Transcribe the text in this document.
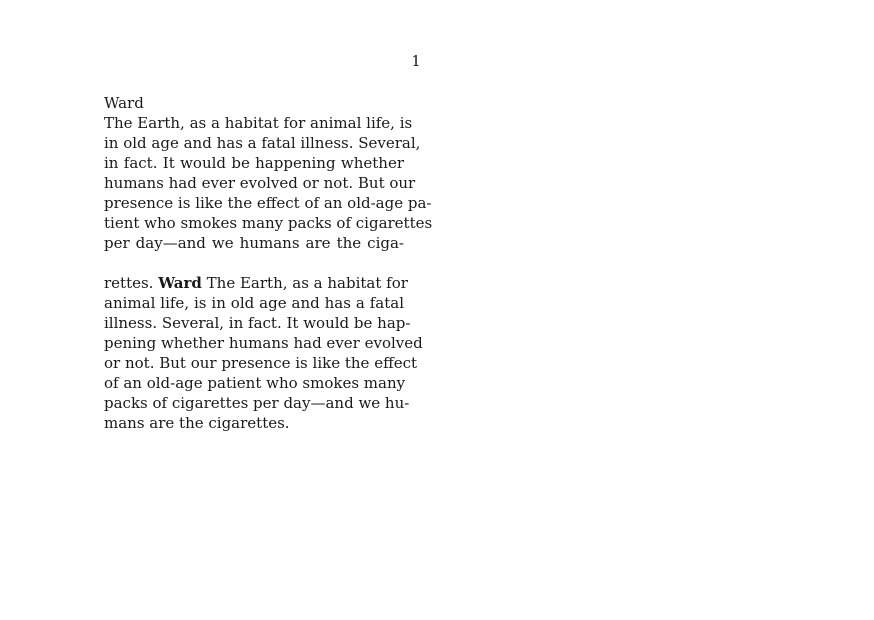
1
Ward
The Earth, as a habitat for animal life, is
in old age and has a fatal illness. Several,
in fact. It would be happening whether
humans had ever evolved or not. But our
presence is like the effect of an old-age pa-
tient who smokes many packs of cigarettes
per day—and we humans are the ciga-
rettes. Ward The Earth, as a habitat for
animal life, is in old age and has a fatal
illness. Several, in fact. It would be hap-
pening whether humans had ever evolved
or not. But our presence is like the effect
of an old-age patient who smokes many
packs of cigarettes per day—and we hu-
mans are the cigarettes.
